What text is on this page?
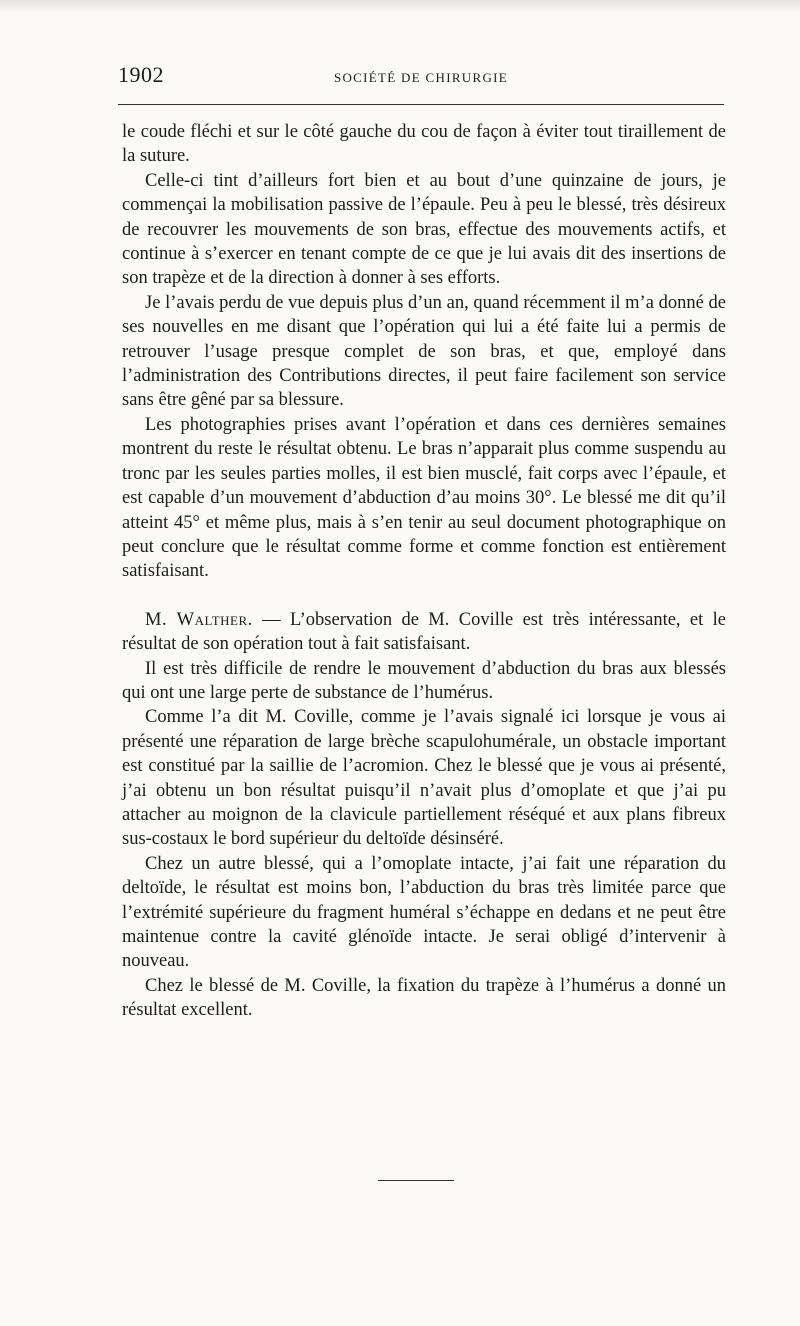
1902	SOCIÉTÉ DE CHIRURGIE

le coude fléchi et sur le côté gauche du cou de façon à éviter tout tiraillement de la suture.

Celle-ci tint d’ailleurs fort bien et au bout d’une quinzaine de jours, je commençai la mobilisation passive de l’épaule. Peu à peu le blessé, très désireux de recouvrer les mouvements de son bras, effectue des mouvements actifs, et continue à s’exercer en tenant compte de ce que je lui avais dit des insertions de son trapèze et de la direction à donner à ses efforts.

Je l’avais perdu de vue depuis plus d’un an, quand récemment il m’a donné de ses nouvelles en me disant que l’opération qui lui a été faite lui a permis de retrouver l’usage presque complet de son bras, et que, employé dans l’administration des Contributions directes, il peut faire facilement son service sans être gêné par sa blessure.

Les photographies prises avant l’opération et dans ces dernières semaines montrent du reste le résultat obtenu. Le bras n’apparait plus comme suspendu au tronc par les seules parties molles, il est bien musclé, fait corps avec l’épaule, et est capable d’un mouvement d’abduction d’au moins 30°. Le blessé me dit qu’il atteint 45° et même plus, mais à s’en tenir au seul document photographique on peut conclure que le résultat comme forme et comme fonction est entièrement satisfaisant.

M. Walther. — L’observation de M. Coville est très intéressante, et le résultat de son opération tout à fait satisfaisant.

Il est très difficile de rendre le mouvement d’abduction du bras aux blessés qui ont une large perte de substance de l’humérus.

Comme l’a dit M. Coville, comme je l’avais signalé ici lorsque je vous ai présenté une réparation de large brèche scapulohumérale, un obstacle important est constitué par la saillie de l’acromion. Chez le blessé que je vous ai présenté, j’ai obtenu un bon résultat puisqu’il n’avait plus d’omoplate et que j’ai pu attacher au moignon de la clavicule partiellement réséqué et aux plans fibreux sus-costaux le bord supérieur du deltoïde désinséré.

Chez un autre blessé, qui a l’omoplate intacte, j’ai fait une réparation du deltoïde, le résultat est moins bon, l’abduction du bras très limitée parce que l’extrémité supérieure du fragment huméral s’échappe en dedans et ne peut être maintenue contre la cavité glénoïde intacte. Je serai obligé d’intervenir à nouveau.

Chez le blessé de M. Coville, la fixation du trapèze à l’humérus a donné un résultat excellent.
